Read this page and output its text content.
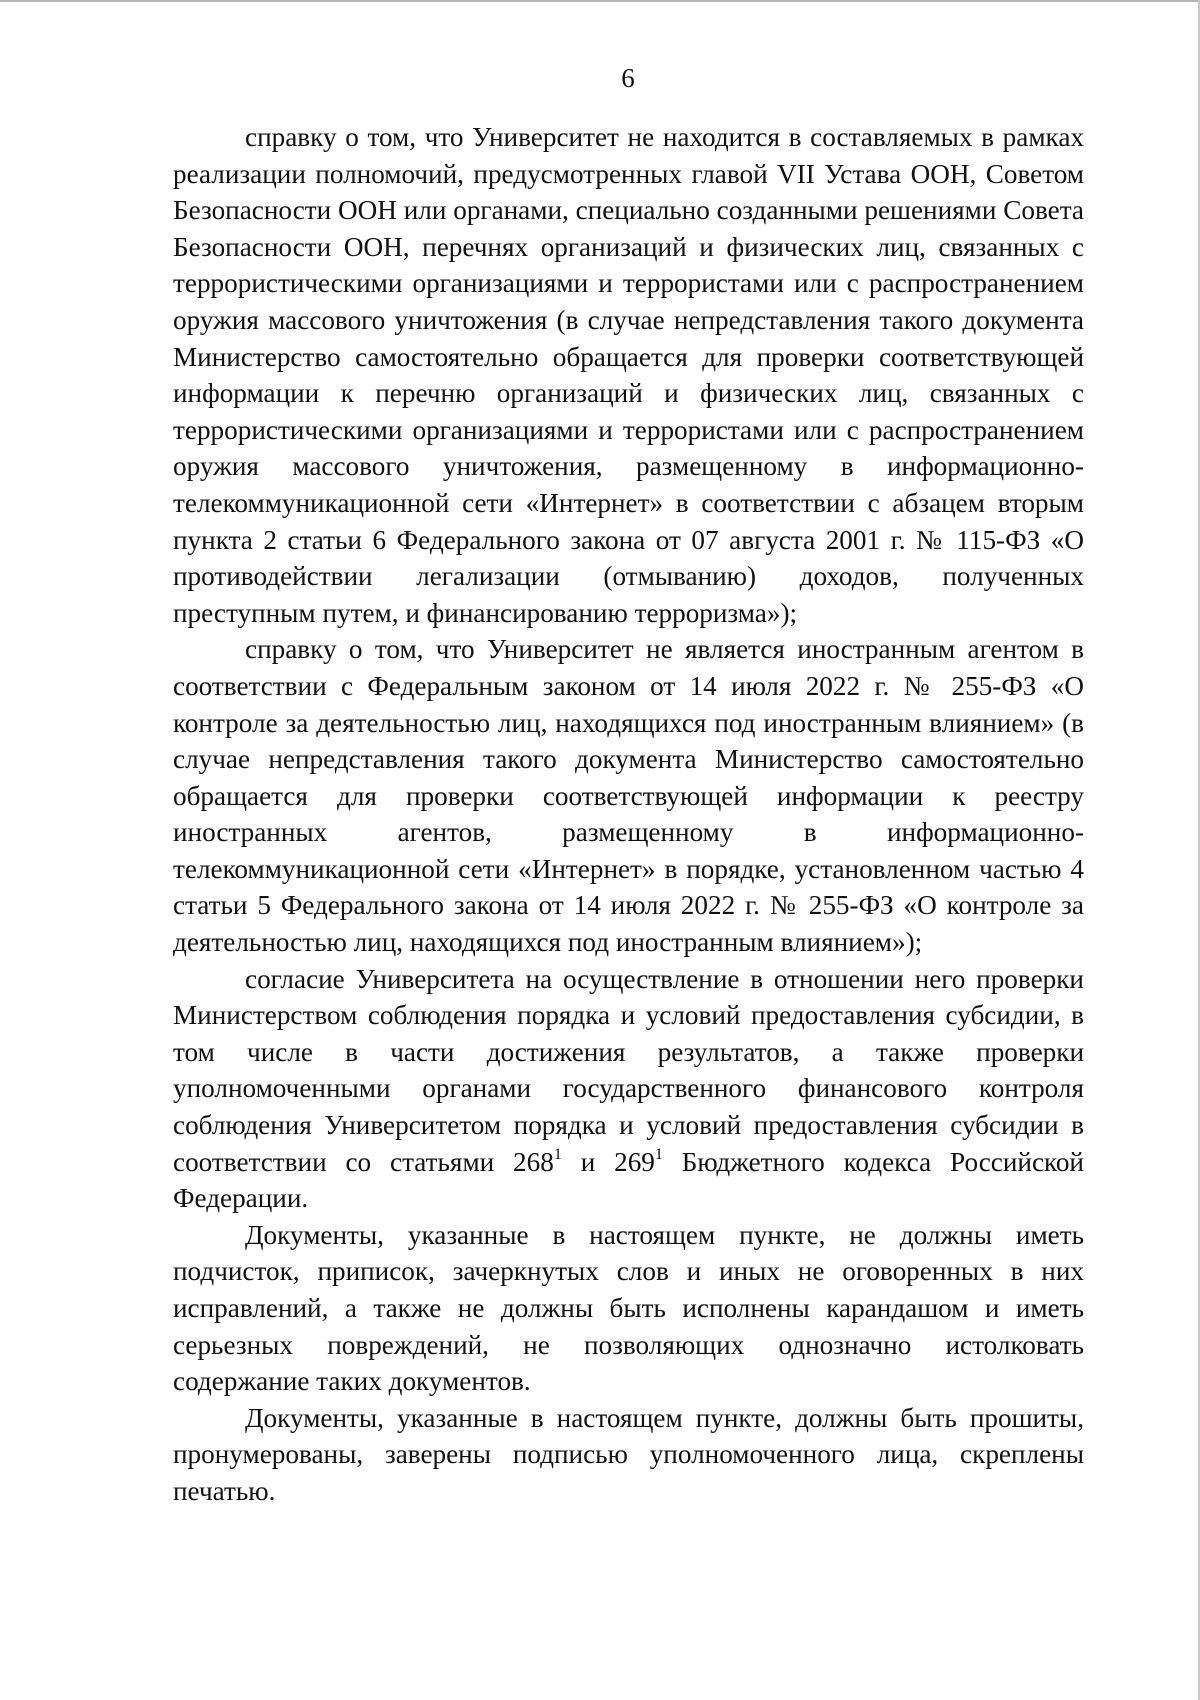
6

справку о том, что Университет не находится в составляемых в рамках реализации полномочий, предусмотренных главой VII Устава ООН, Советом Безопасности ООН или органами, специально созданными решениями Совета Безопасности ООН, перечнях организаций и физических лиц, связанных с террористическими организациями и террористами или с распространением оружия массового уничтожения (в случае непредставления такого документа Министерство самостоятельно обращается для проверки соответствующей информации к перечню организаций и физических лиц, связанных с террористическими организациями и террористами или с распространением оружия массового уничтожения, размещенному в информационно-телекоммуникационной сети «Интернет» в соответствии с абзацем вторым пункта 2 статьи 6 Федерального закона от 07 августа 2001 г. № 115-ФЗ «О противодействии легализации (отмыванию) доходов, полученных преступным путем, и финансированию терроризма»);

справку о том, что Университет не является иностранным агентом в соответствии с Федеральным законом от 14 июля 2022 г. № 255-ФЗ «О контроле за деятельностью лиц, находящихся под иностранным влиянием» (в случае непредставления такого документа Министерство самостоятельно обращается для проверки соответствующей информации к реестру иностранных агентов, размещенному в информационно-телекоммуникационной сети «Интернет» в порядке, установленном частью 4 статьи 5 Федерального закона от 14 июля 2022 г. № 255-ФЗ «О контроле за деятельностью лиц, находящихся под иностранным влиянием»);

согласие Университета на осуществление в отношении него проверки Министерством соблюдения порядка и условий предоставления субсидии, в том числе в части достижения результатов, а также проверки уполномоченными органами государственного финансового контроля соблюдения Университетом порядка и условий предоставления субсидии в соответствии со статьями $268^1$ и $269^1$ Бюджетного кодекса Российской Федерации.

Документы, указанные в настоящем пункте, не должны иметь подчисток, приписок, зачеркнутых слов и иных не оговоренных в них исправлений, а также не должны быть исполнены карандашом и иметь серьезных повреждений, не позволяющих однозначно истолковать содержание таких документов.

Документы, указанные в настоящем пункте, должны быть прошиты, пронумерованы, заверены подписью уполномоченного лица, скреплены печатью.
